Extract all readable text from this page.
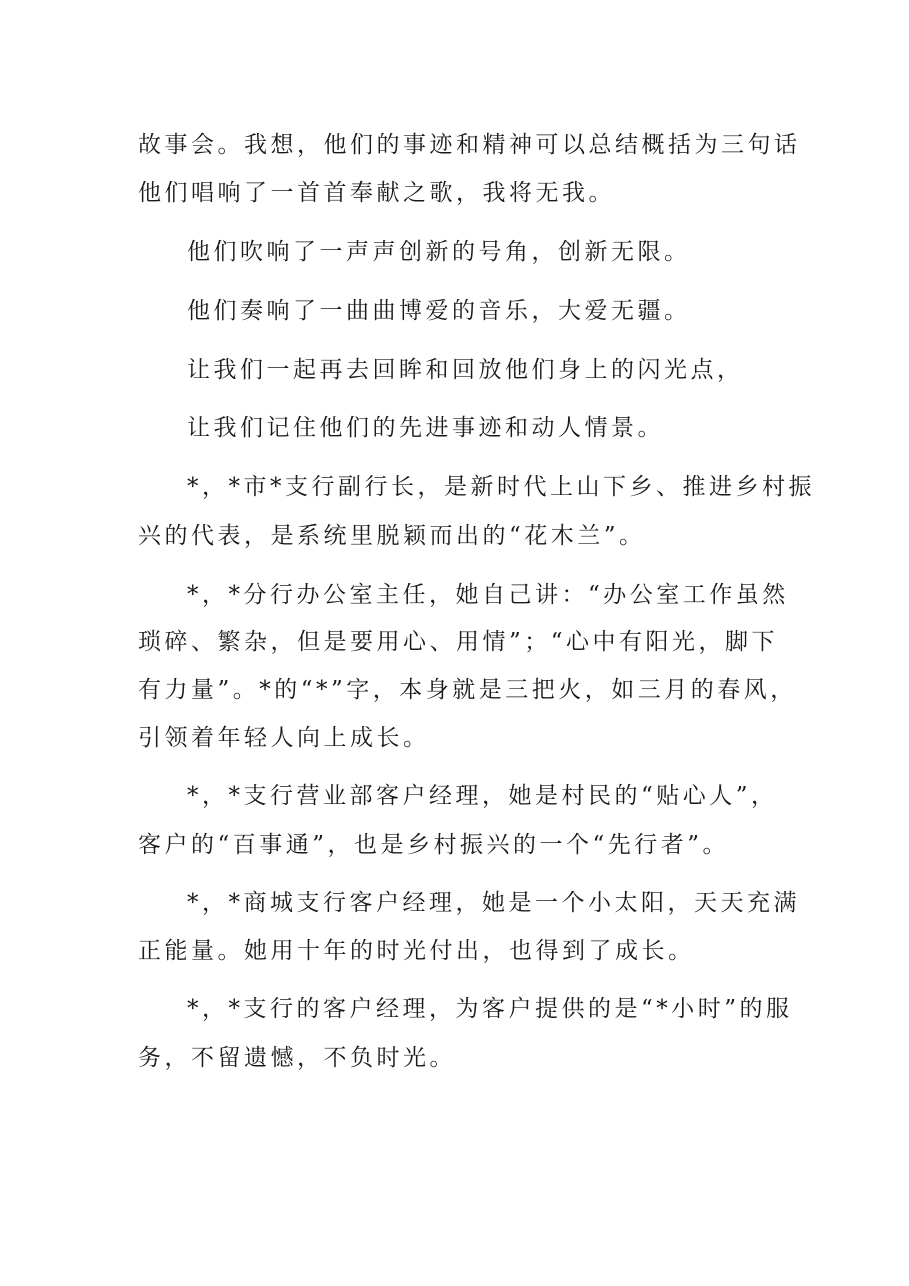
故事会。我想，他们的事迹和精神可以总结概括为三句话

他们唱响了一首首奉献之歌，我将无我。

他们吹响了一声声创新的号角，创新无限。

他们奏响了一曲曲博爱的音乐，大爱无疆。

让我们一起再去回眸和回放他们身上的闪光点，

让我们记住他们的先进事迹和动人情景。

*，*市*支行副行长，是新时代上山下乡、推进乡村振

兴的代表，是系统里脱颖而出的“花木兰”。

*，*分行办公室主任，她自己讲：“办公室工作虽然

琐碎、繁杂，但是要用心、用情”；“心中有阳光，脚下

有力量”。*的“*”字，本身就是三把火，如三月的春风，

引领着年轻人向上成长。

*，*支行营业部客户经理，她是村民的“贴心人”，

客户的“百事通”，也是乡村振兴的一个“先行者”。

*，*商城支行客户经理，她是一个小太阳，天天充满

正能量。她用十年的时光付出，也得到了成长。

*，*支行的客户经理，为客户提供的是“*小时”的服

务，不留遗憾，不负时光。
